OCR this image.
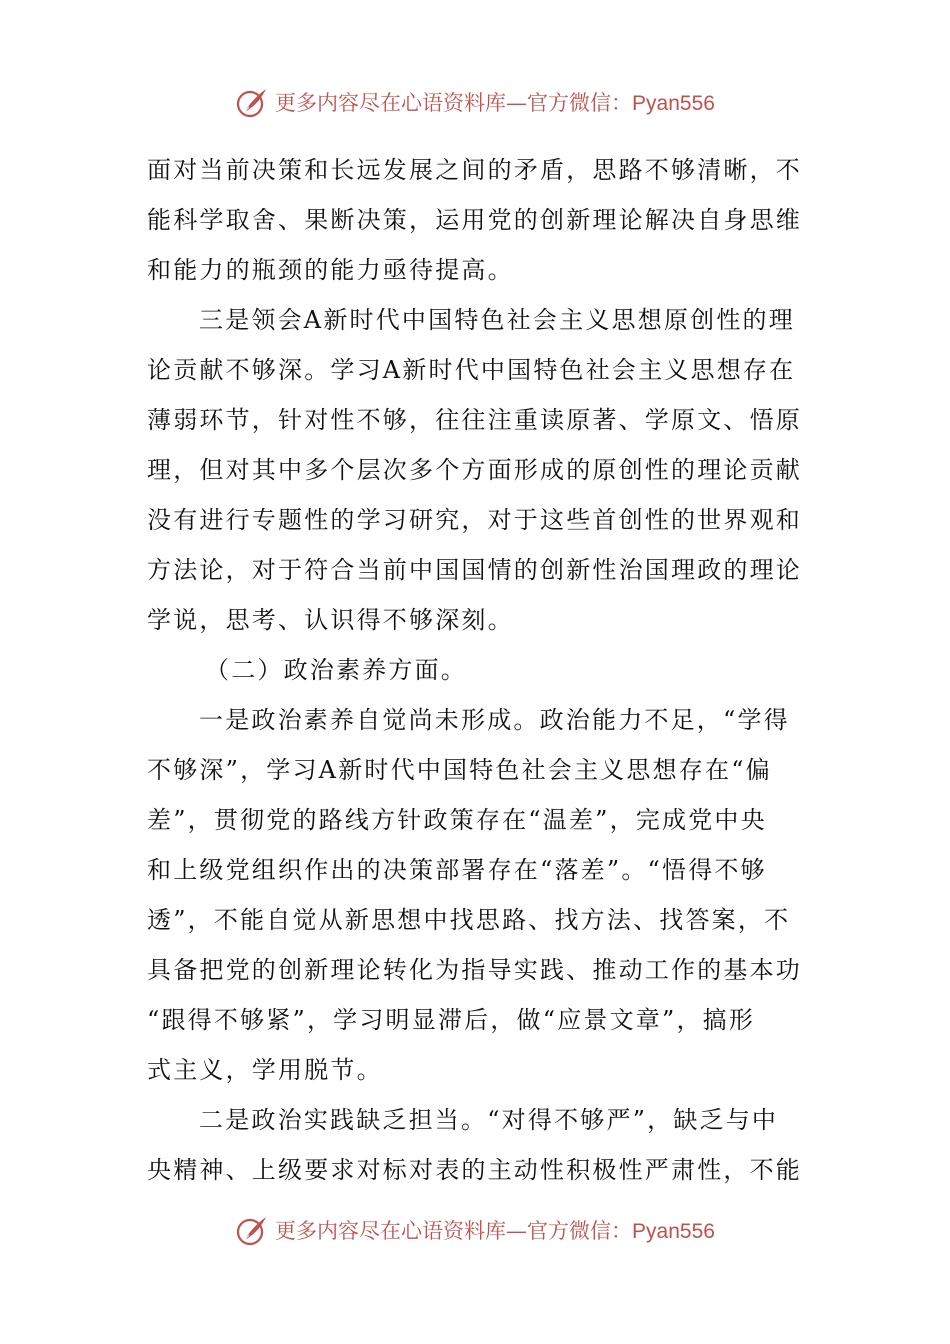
更多内容尽在心语资料库—官方微信：Pyan556
面对当前决策和长远发展之间的矛盾，思路不够清晰，不
能科学取舍、果断决策，运用党的创新理论解决自身思维
和能力的瓶颈的能力亟待提高。
三是领会A新时代中国特色社会主义思想原创性的理
论贡献不够深。学习A新时代中国特色社会主义思想存在
薄弱环节，针对性不够，往往注重读原著、学原文、悟原
理，但对其中多个层次多个方面形成的原创性的理论贡献
没有进行专题性的学习研究，对于这些首创性的世界观和
方法论，对于符合当前中国国情的创新性治国理政的理论
学说，思考、认识得不够深刻。
（二）政治素养方面。
一是政治素养自觉尚未形成。政治能力不足，“学得
不够深”，学习A新时代中国特色社会主义思想存在“偏
差”，贯彻党的路线方针政策存在“温差”，完成党中央
和上级党组织作出的决策部署存在“落差”。“悟得不够
透”，不能自觉从新思想中找思路、找方法、找答案，不
具备把党的创新理论转化为指导实践、推动工作的基本功
“跟得不够紧”，学习明显滞后，做“应景文章”，搞形
式主义，学用脱节。
二是政治实践缺乏担当。“对得不够严”，缺乏与中
央精神、上级要求对标对表的主动性积极性严肃性，不能
更多内容尽在心语资料库—官方微信：Pyan556
